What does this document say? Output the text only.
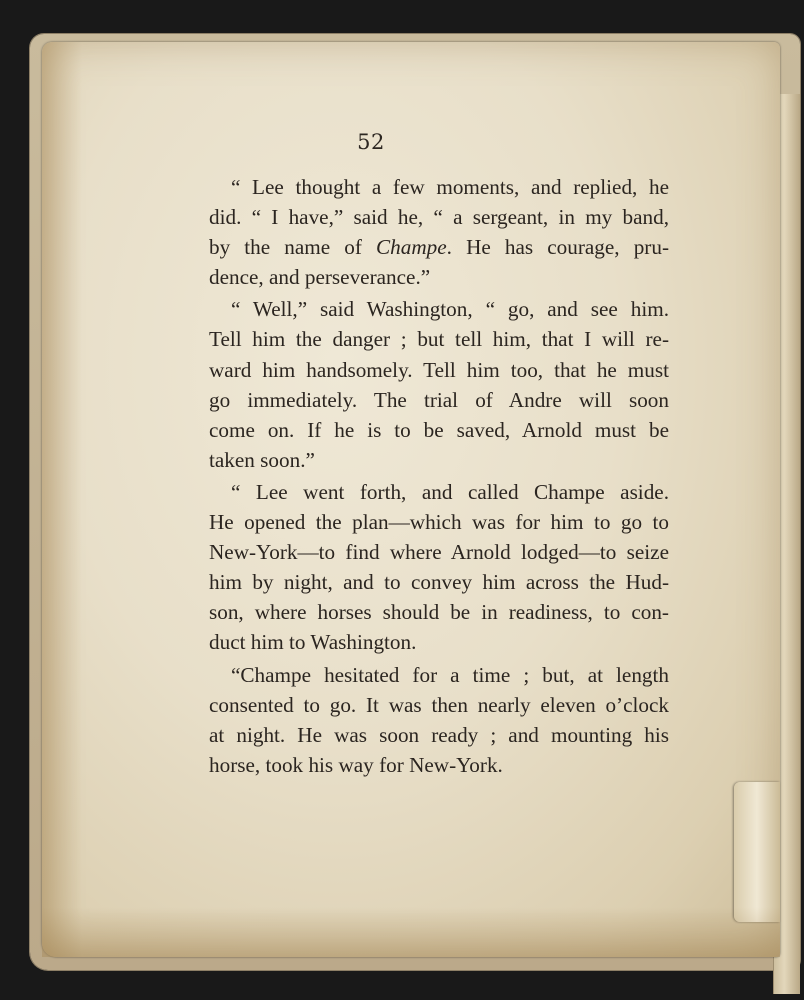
52

“ Lee thought a few moments, and replied, he
did. “ I have,” said he, “ a sergeant, in my band,
by the name of Champe. He has courage, pru-
dence, and perseverance.”

“ Well,” said Washington, “ go, and see him.
Tell him the danger ; but tell him, that I will re-
ward him handsomely. Tell him too, that he must
go immediately. The trial of Andre will soon
come on. If he is to be saved, Arnold must be
taken soon.”

“ Lee went forth, and called Champe aside.
He opened the plan—which was for him to go to
New-York—to find where Arnold lodged—to seize
him by night, and to convey him across the Hud-
son, where horses should be in readiness, to con-
duct him to Washington.

“Champe hesitated for a time ; but, at length
consented to go. It was then nearly eleven o’clock
at night. He was soon ready ; and mounting his
horse, took his way for New-York.
